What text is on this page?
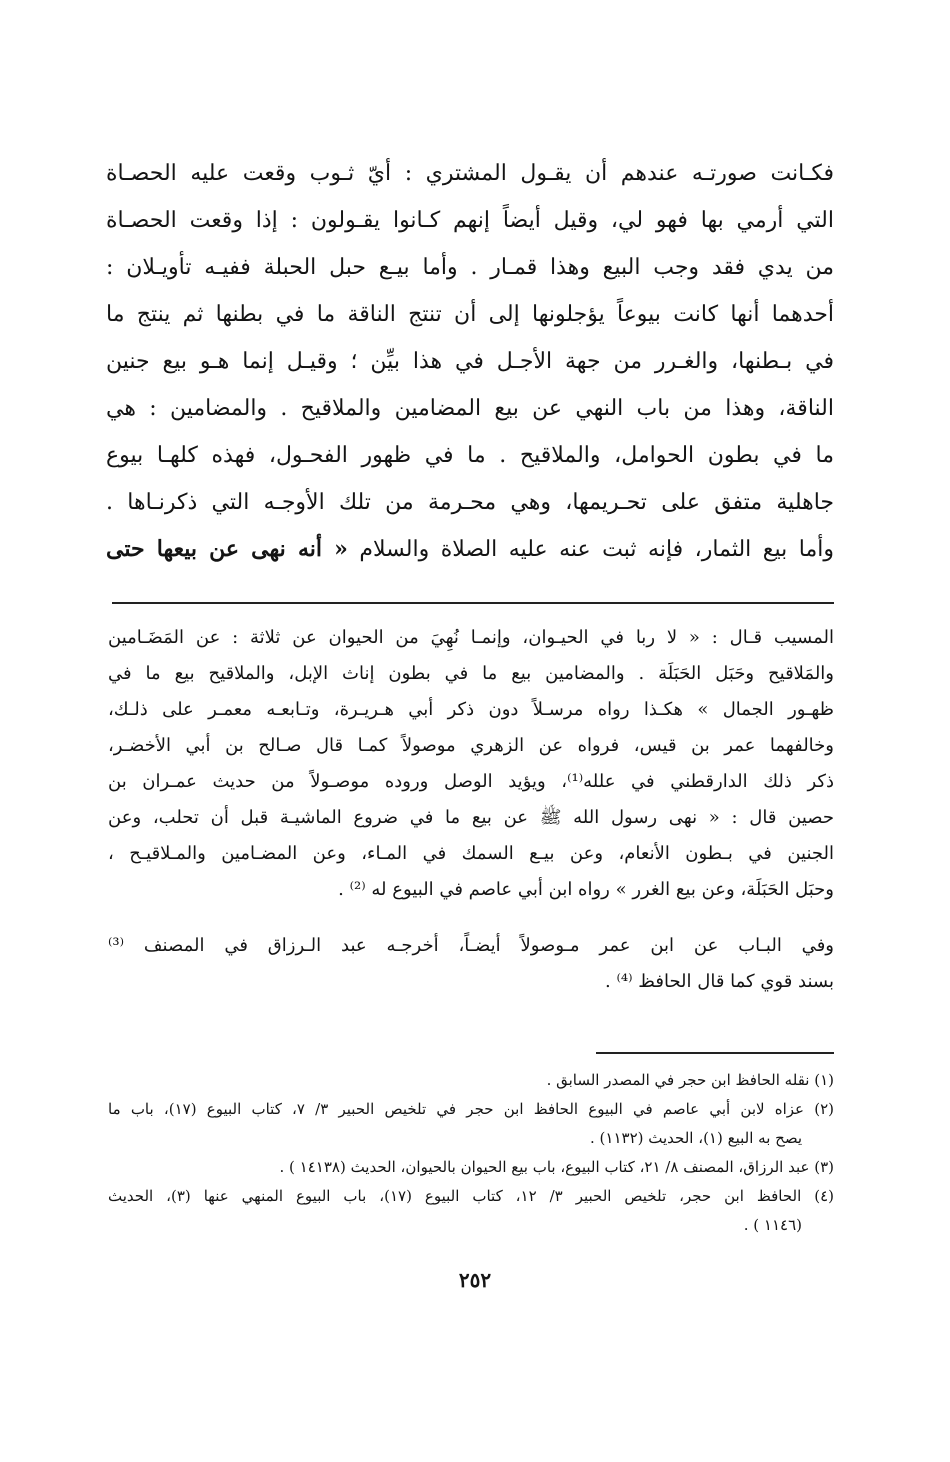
فكـانت صورتـه عندهم أن يقـول المشتري : أيّ ثـوب وقعت عليه الحصـاة
التي أرمي بها فهو لي، وقيل أيضاً إنهم كـانوا يقـولون : إذا وقعت الحصـاة
من يدي فقد وجب البيع وهذا قمـار . وأما بيـع حبل الحبلة ففيـه تأويـلان :
أحدهما أنها كانت بيوعاً يؤجلونها إلى أن تنتج الناقة ما في بطنها ثم ينتج ما
في بـطنها، والغـرر من جهة الأجـل في هذا بيِّن ؛ وقيـل إنما هـو بيع جنين
الناقة، وهذا من باب النهي عن بيع المضامين والملاقيح . والمضامين : هي
ما في بطون الحوامل، والملاقيح . ما في ظهور الفحـول، فهذه كلهـا بيوع
جاهلية متفق على تحـريمها، وهي محـرمة من تلك الأوجـه التي ذكرنـاها .
وأما بيع الثمار، فإنه ثبت عنه عليه الصلاة والسلام « أنه نهى عن بيعها حتى
المسيب قـال : « لا ربا في الحيـوان، وإنمـا نُهِيَ من الحيوان عن ثلاثة : عن المَضَـامين
والمَلاقيح وحَبَل الحَبَلَة . والمضامين بيع ما في بطون إناث الإبل، والملاقيح بيع ما في
ظهـور الجمال » هكـذا رواه مرسـلاً دون ذكر أبي هـريـرة، وتـابعـه معمـر على ذلـك،
وخالفهما عمر بن قيس، فرواه عن الزهري موصولاً كمـا قال صـالح بن أبي الأخضـر،
ذكر ذلك الدارقطني في علله⁽¹⁾، ويؤيد الوصل وروده موصـولاً من حديث عمـران بن
حصين قال : « نهى رسول الله ﷺ عن بيع ما في ضروع الماشيـة قبل أن تحلب، وعن
الجنين في بـطون الأنعام، وعن بيـع السمك في المـاء، وعن المضـامين والمـلاقيـح ،
وحبَل الحَبَلَة، وعن بيع الغرر » رواه ابن أبي عاصم في البيوع له ⁽²⁾ .
وفي البـاب عن ابن عمر مـوصولاً أيضـاً، أخرجـه عبد الـرزاق في المصنف ⁽³⁾
بسند قوي كما قال الحافظ ⁽⁴⁾ .
(١) نقله الحافظ ابن حجر في المصدر السابق .
(٢) عزاه لابن أبي عاصم في البيوع الحافظ ابن حجر في تلخيص الحبير ٣/ ٧، كتاب البيوع (١٧)، باب ما
يصح به البيع (١)، الحديث (١١٣٢) .
(٣) عبد الرزاق، المصنف ٨/ ٢١، كتاب البيوع، باب بيع الحيوان بالحيوان، الحديث (١٤١٣٨ ) .
(٤) الحافظ ابن حجر، تلخيص الحبير ٣/ ١٢، كتاب البيوع (١٧)، باب البيوع المنهي عنها (٣)، الحديث
(١١٤٦ ) .
٢٥٢
